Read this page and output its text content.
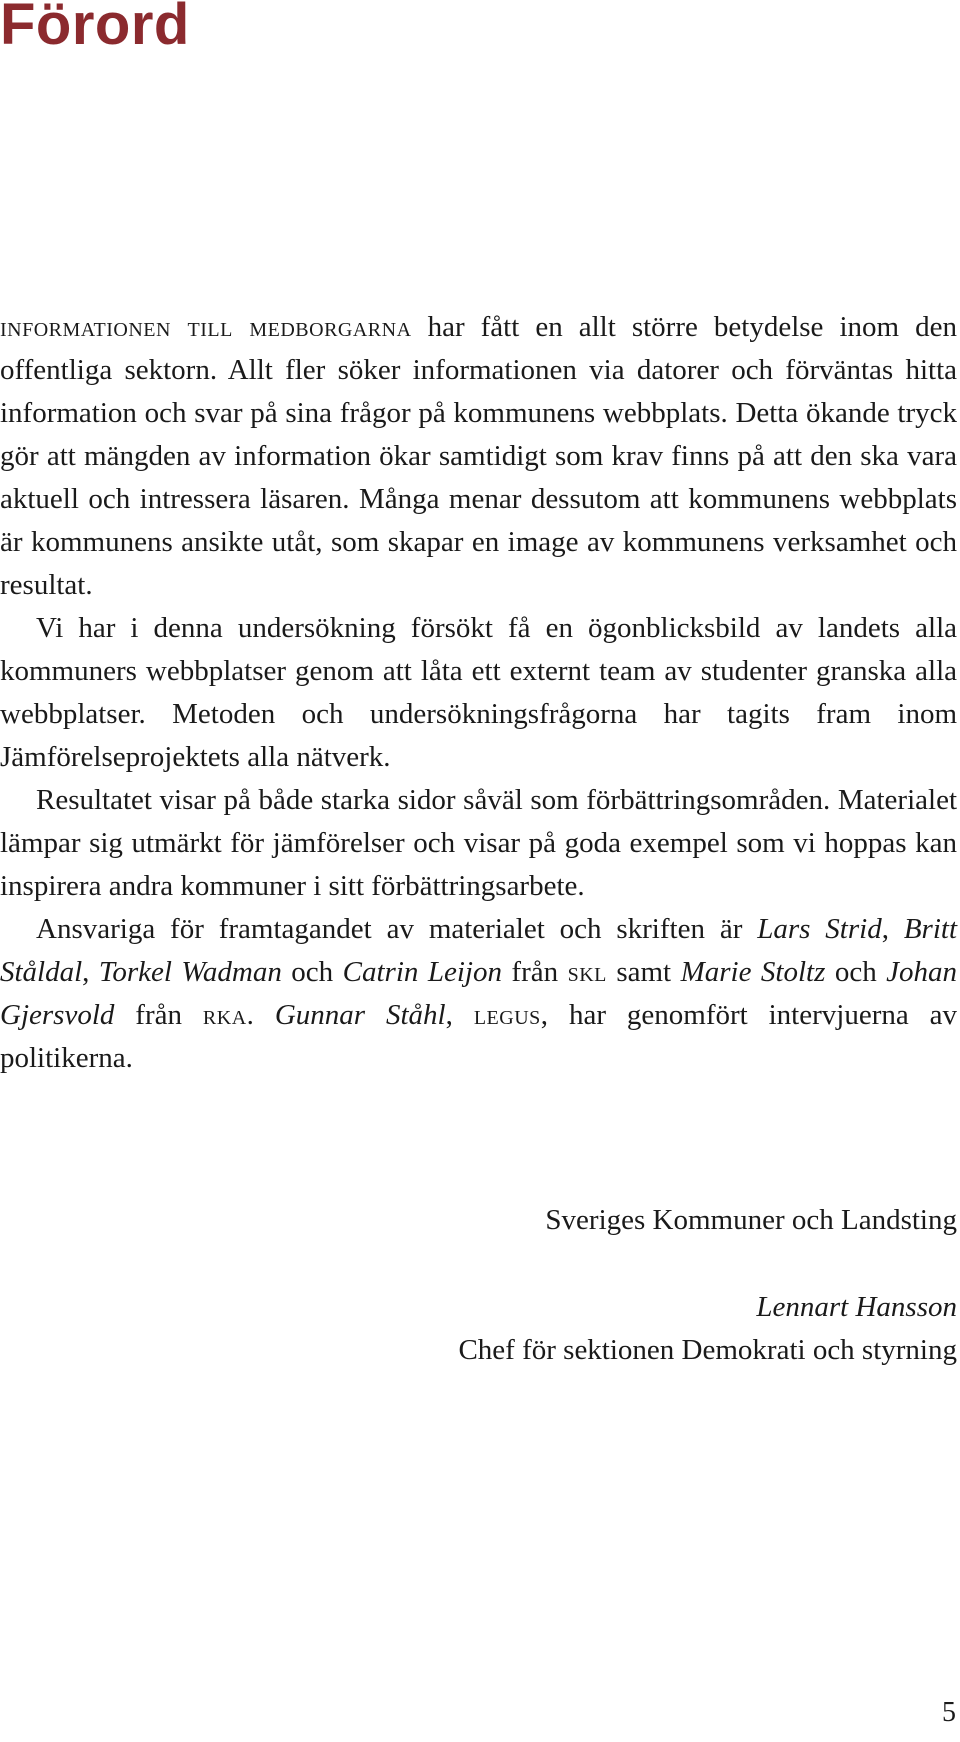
Förord

informationen till medborgarna har fått en allt större betydelse inom den offentliga sektorn. Allt fler söker informationen via datorer och förväntas hitta information och svar på sina frågor på kommunens webbplats. Detta ökande tryck gör att mängden av information ökar samtidigt som krav finns på att den ska vara aktuell och intressera läsaren. Många menar dessutom att kommunens webbplats är kommunens ansikte utåt, som skapar en image av kommunens verksamhet och resultat.

Vi har i denna undersökning försökt få en ögonblicksbild av landets alla kommuners webbplatser genom att låta ett externt team av studenter granska alla webbplatser. Metoden och undersökningsfrågorna har tagits fram inom Jämförelseprojektets alla nätverk.

Resultatet visar på både starka sidor såväl som förbättringsområden. Materialet lämpar sig utmärkt för jämförelser och visar på goda exempel som vi hoppas kan inspirera andra kommuner i sitt förbättringsarbete.

Ansvariga för framtagandet av materialet och skriften är Lars Strid, Britt Ståldal, Torkel Wadman och Catrin Leijon från skl samt Marie Stoltz och Johan Gjersvold från rka. Gunnar Ståhl, legus, har genomfört intervjuerna av politikerna.

Sveriges Kommuner och Landsting

Lennart Hansson

Chef för sektionen Demokrati och styrning

5
